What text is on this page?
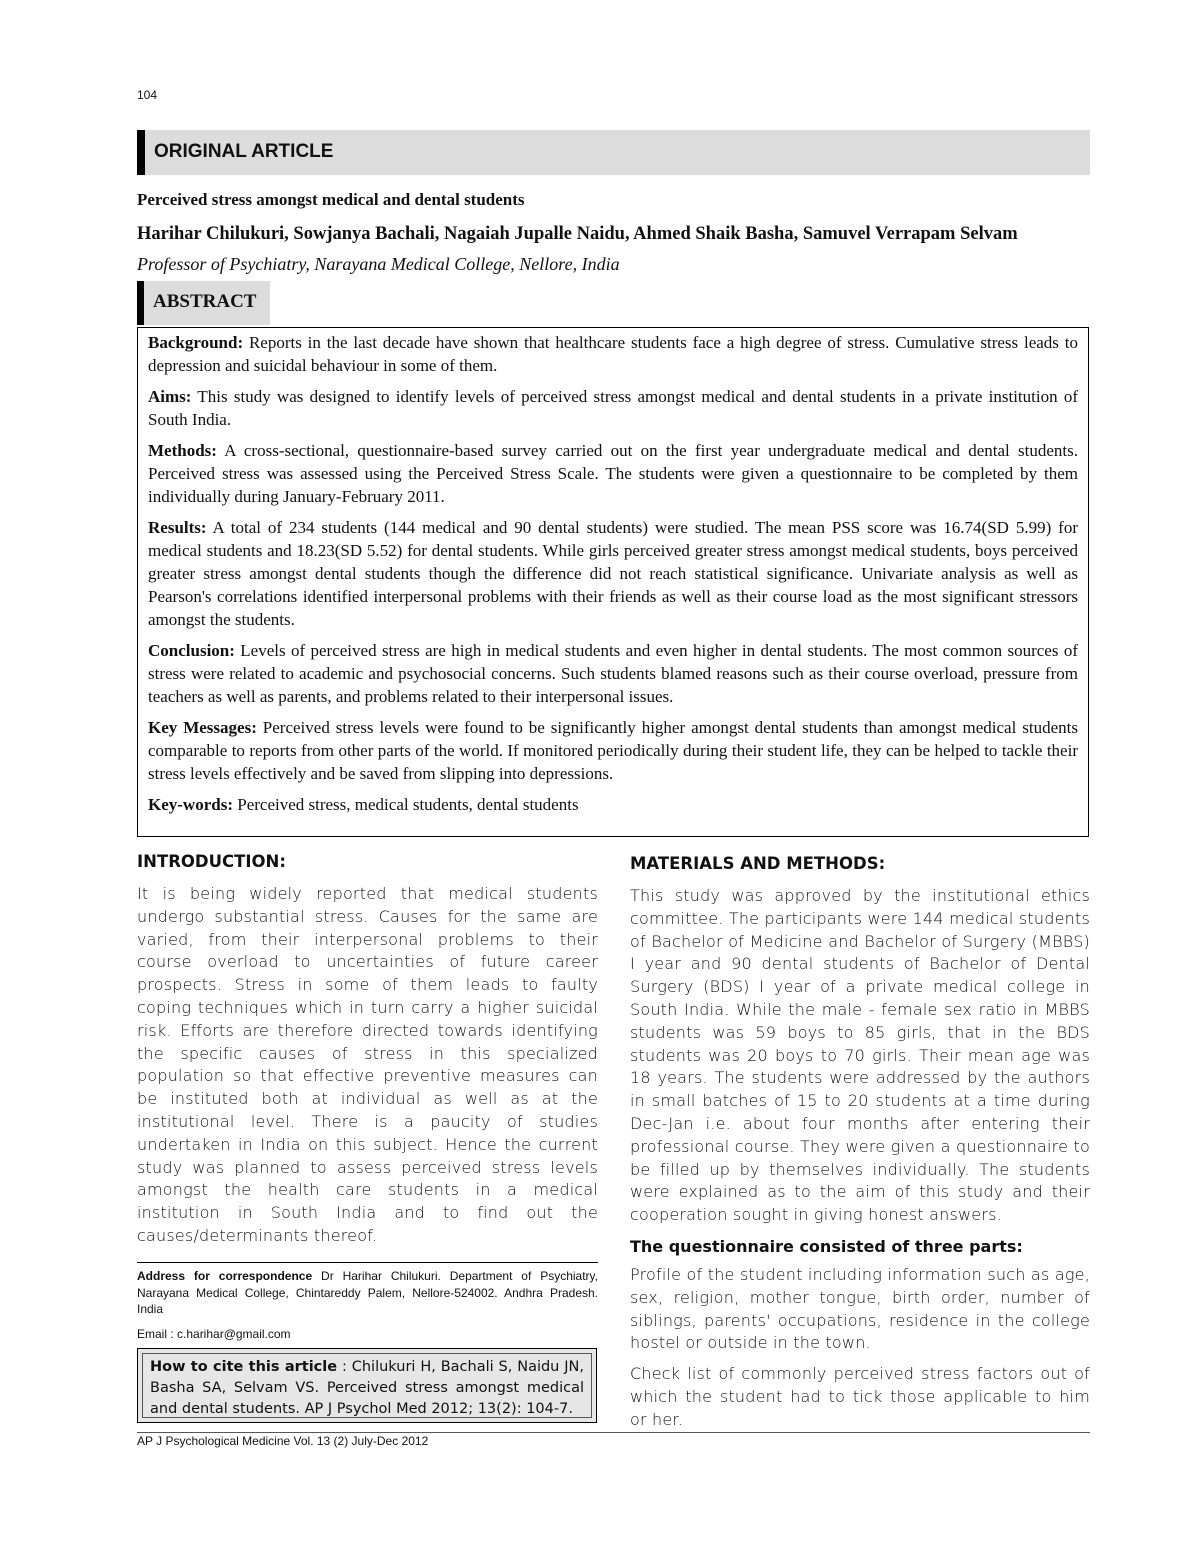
104
ORIGINAL ARTICLE
Perceived stress amongst medical and dental students
Harihar Chilukuri, Sowjanya Bachali, Nagaiah Jupalle Naidu, Ahmed Shaik Basha, Samuvel Verrapam Selvam
Professor of Psychiatry, Narayana Medical College, Nellore, India
ABSTRACT

Background: Reports in the last decade have shown that healthcare students face a high degree of stress. Cumulative stress leads to depression and suicidal behaviour in some of them.

Aims: This study was designed to identify levels of perceived stress amongst medical and dental students in a private institution of South India.

Methods: A cross-sectional, questionnaire-based survey carried out on the first year undergraduate medical and dental students. Perceived stress was assessed using the Perceived Stress Scale. The students were given a questionnaire to be completed by them individually during January-February 2011.

Results: A total of 234 students (144 medical and 90 dental students) were studied. The mean PSS score was 16.74(SD 5.99) for medical students and 18.23(SD 5.52) for dental students. While girls perceived greater stress amongst medical students, boys perceived greater stress amongst dental students though the difference did not reach statistical significance. Univariate analysis as well as Pearson's correlations identified interpersonal problems with their friends as well as their course load as the most significant stressors amongst the students.

Conclusion: Levels of perceived stress are high in medical students and even higher in dental students. The most common sources of stress were related to academic and psychosocial concerns. Such students blamed reasons such as their course overload, pressure from teachers as well as parents, and problems related to their interpersonal issues.

Key Messages: Perceived stress levels were found to be significantly higher amongst dental students than amongst medical students comparable to reports from other parts of the world. If monitored periodically during their student life, they can be helped to tackle their stress levels effectively and be saved from slipping into depressions.

Key-words: Perceived stress, medical students, dental students

INTRODUCTION:

It is being widely reported that medical students undergo substantial stress. Causes for the same are varied, from their interpersonal problems to their course overload to uncertainties of future career prospects. Stress in some of them leads to faulty coping techniques which in turn carry a higher suicidal risk. Efforts are therefore directed towards identifying the specific causes of stress in this specialized population so that effective preventive measures can be instituted both at individual as well as at the institutional level. There is a paucity of studies undertaken in India on this subject. Hence the current study was planned to assess perceived stress levels amongst the health care students in a medical institution in South India and to find out the causes/determinants thereof.

Address for correspondence Dr Harihar Chilukuri. Department of Psychiatry, Narayana Medical College, Chintareddy Palem, Nellore-524002. Andhra Pradesh. India
Email : c.harihar@gmail.com
How to cite this article : Chilukuri H, Bachali S, Naidu JN, Basha SA, Selvam VS. Perceived stress amongst medical and dental students. AP J Psychol Med 2012; 13(2): 104-7.
MATERIALS AND METHODS:

This study was approved by the institutional ethics committee. The participants were 144 medical students of Bachelor of Medicine and Bachelor of Surgery (MBBS) I year and 90 dental students of Bachelor of Dental Surgery (BDS) I year of a private medical college in South India. While the male - female sex ratio in MBBS students was 59 boys to 85 girls, that in the BDS students was 20 boys to 70 girls. Their mean age was 18 years. The students were addressed by the authors in small batches of 15 to 20 students at a time during Dec-Jan i.e. about four months after entering their professional course. They were given a questionnaire to be filled up by themselves individually. The students were explained as to the aim of this study and their cooperation sought in giving honest answers.

The questionnaire consisted of three parts:

Profile of the student including information such as age, sex, religion, mother tongue, birth order, number of siblings, parents' occupations, residence in the college hostel or outside in the town.

Check list of commonly perceived stress factors out of which the student had to tick those applicable to him or her.

AP J Psychological Medicine Vol. 13 (2) July-Dec 2012
